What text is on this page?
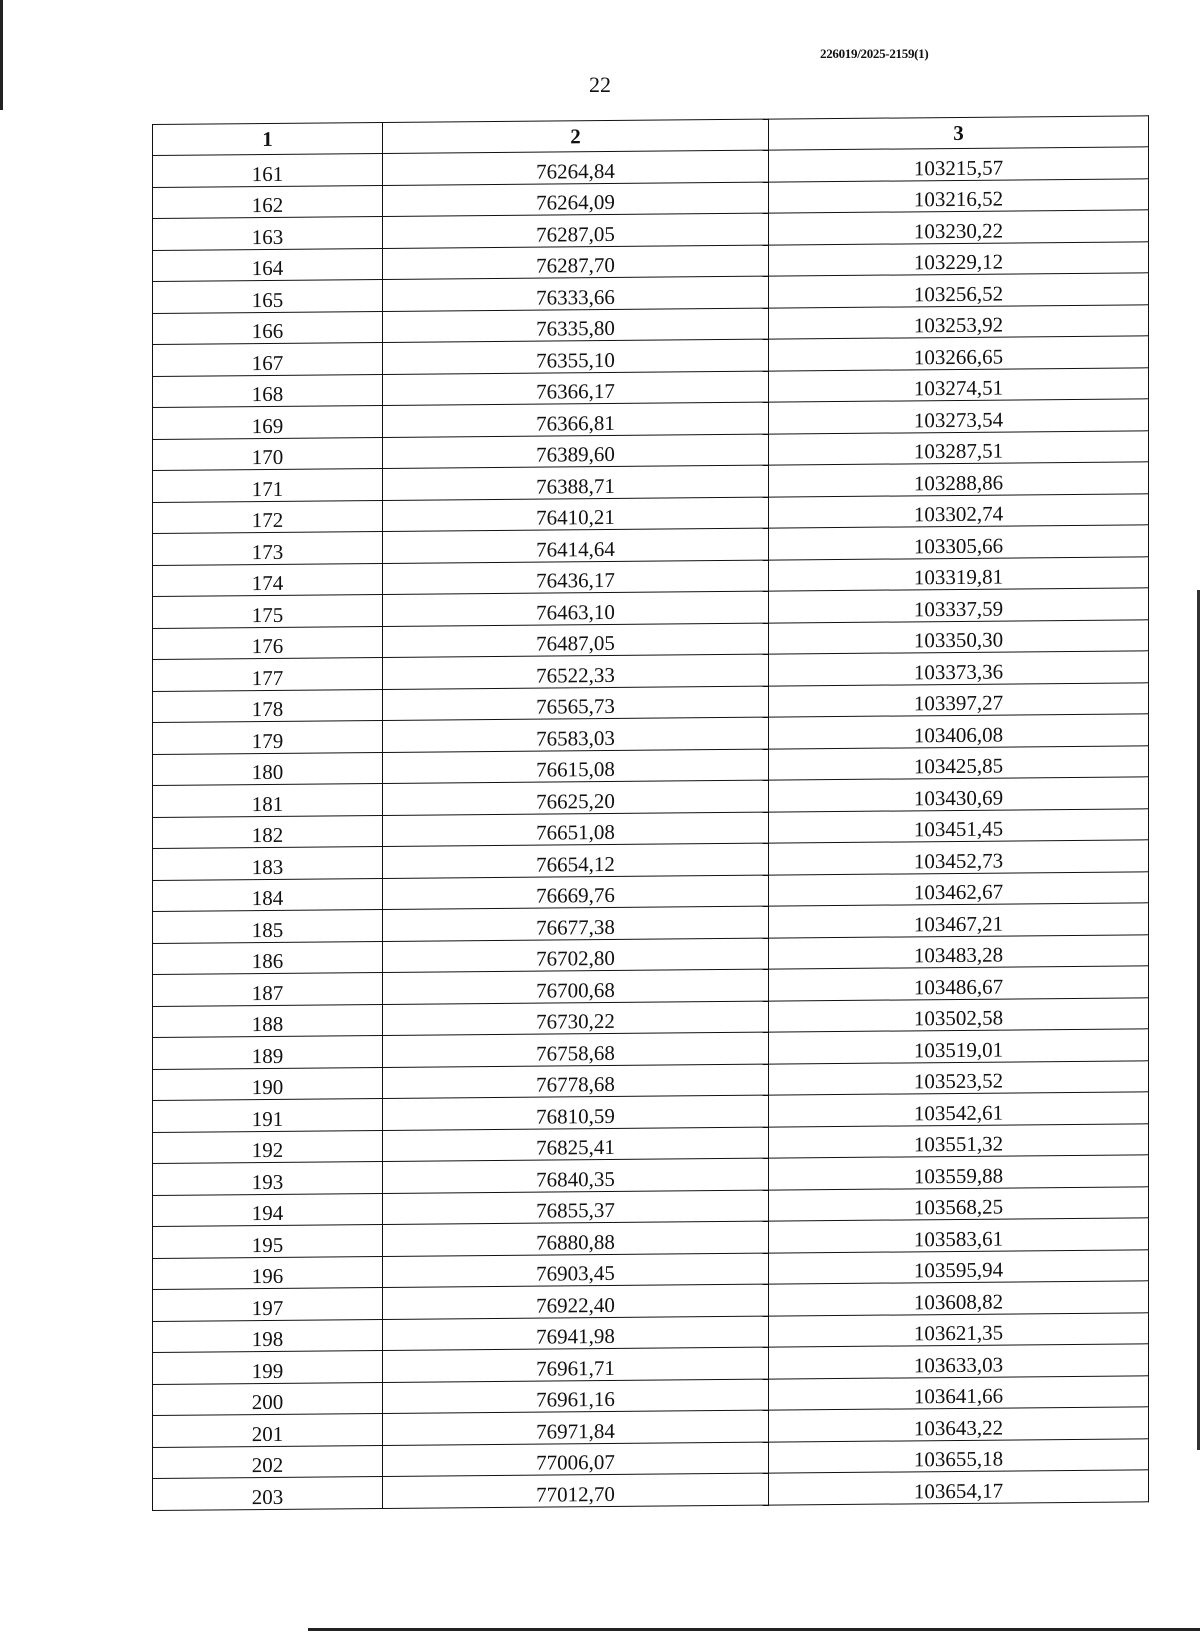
226019/2025-2159(1)
22
1	2	3
161	76264,84	103215,57
162	76264,09	103216,52
163	76287,05	103230,22
164	76287,70	103229,12
165	76333,66	103256,52
166	76335,80	103253,92
167	76355,10	103266,65
168	76366,17	103274,51
169	76366,81	103273,54
170	76389,60	103287,51
171	76388,71	103288,86
172	76410,21	103302,74
173	76414,64	103305,66
174	76436,17	103319,81
175	76463,10	103337,59
176	76487,05	103350,30
177	76522,33	103373,36
178	76565,73	103397,27
179	76583,03	103406,08
180	76615,08	103425,85
181	76625,20	103430,69
182	76651,08	103451,45
183	76654,12	103452,73
184	76669,76	103462,67
185	76677,38	103467,21
186	76702,80	103483,28
187	76700,68	103486,67
188	76730,22	103502,58
189	76758,68	103519,01
190	76778,68	103523,52
191	76810,59	103542,61
192	76825,41	103551,32
193	76840,35	103559,88
194	76855,37	103568,25
195	76880,88	103583,61
196	76903,45	103595,94
197	76922,40	103608,82
198	76941,98	103621,35
199	76961,71	103633,03
200	76961,16	103641,66
201	76971,84	103643,22
202	77006,07	103655,18
203	77012,70	103654,17
